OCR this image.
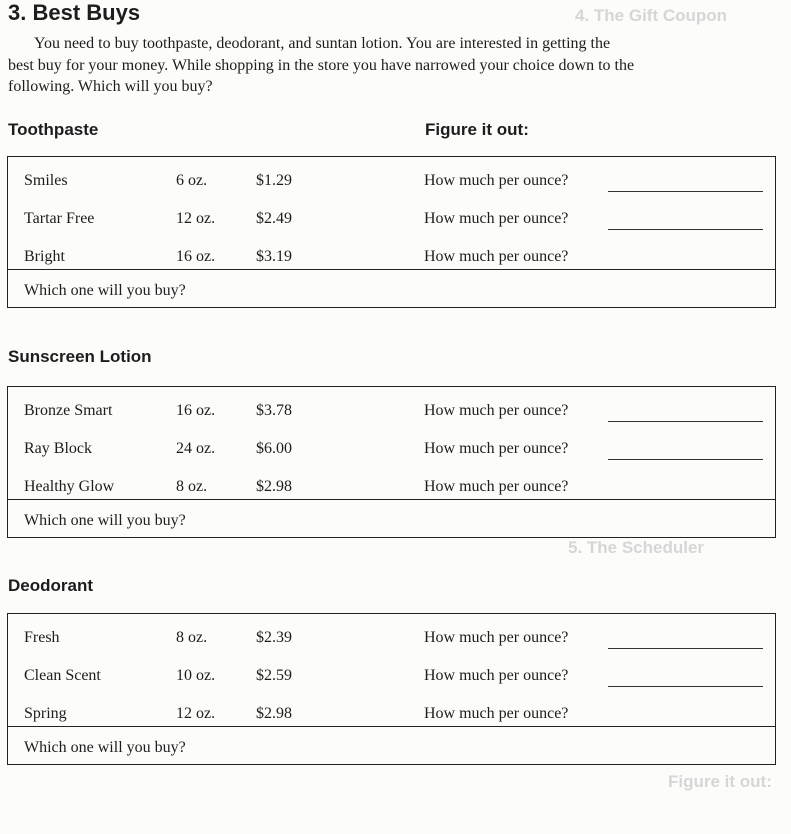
4. The Gift Coupon
5. The Scheduler
Figure it out:
3. Best Buys

You need to buy toothpaste, deodorant, and suntan lotion. You are interested in getting the best buy for your money. While shopping in the store you have narrowed your choice down to the following. Which will you buy?

Toothpaste	Figure it out:
Smiles	6 oz.	$1.29	How much per ounce?
Tartar Free	12 oz.	$2.49	How much per ounce?
Bright	16 oz.	$3.19	How much per ounce?
Which one will you buy?
Sunscreen Lotion
Bronze Smart	16 oz.	$3.78	How much per ounce?
Ray Block	24 oz.	$6.00	How much per ounce?
Healthy Glow	8 oz.	$2.98	How much per ounce?
Which one will you buy?
Deodorant
Fresh	8 oz.	$2.39	How much per ounce?
Clean Scent	10 oz.	$2.59	How much per ounce?
Spring	12 oz.	$2.98	How much per ounce?
Which one will you buy?
